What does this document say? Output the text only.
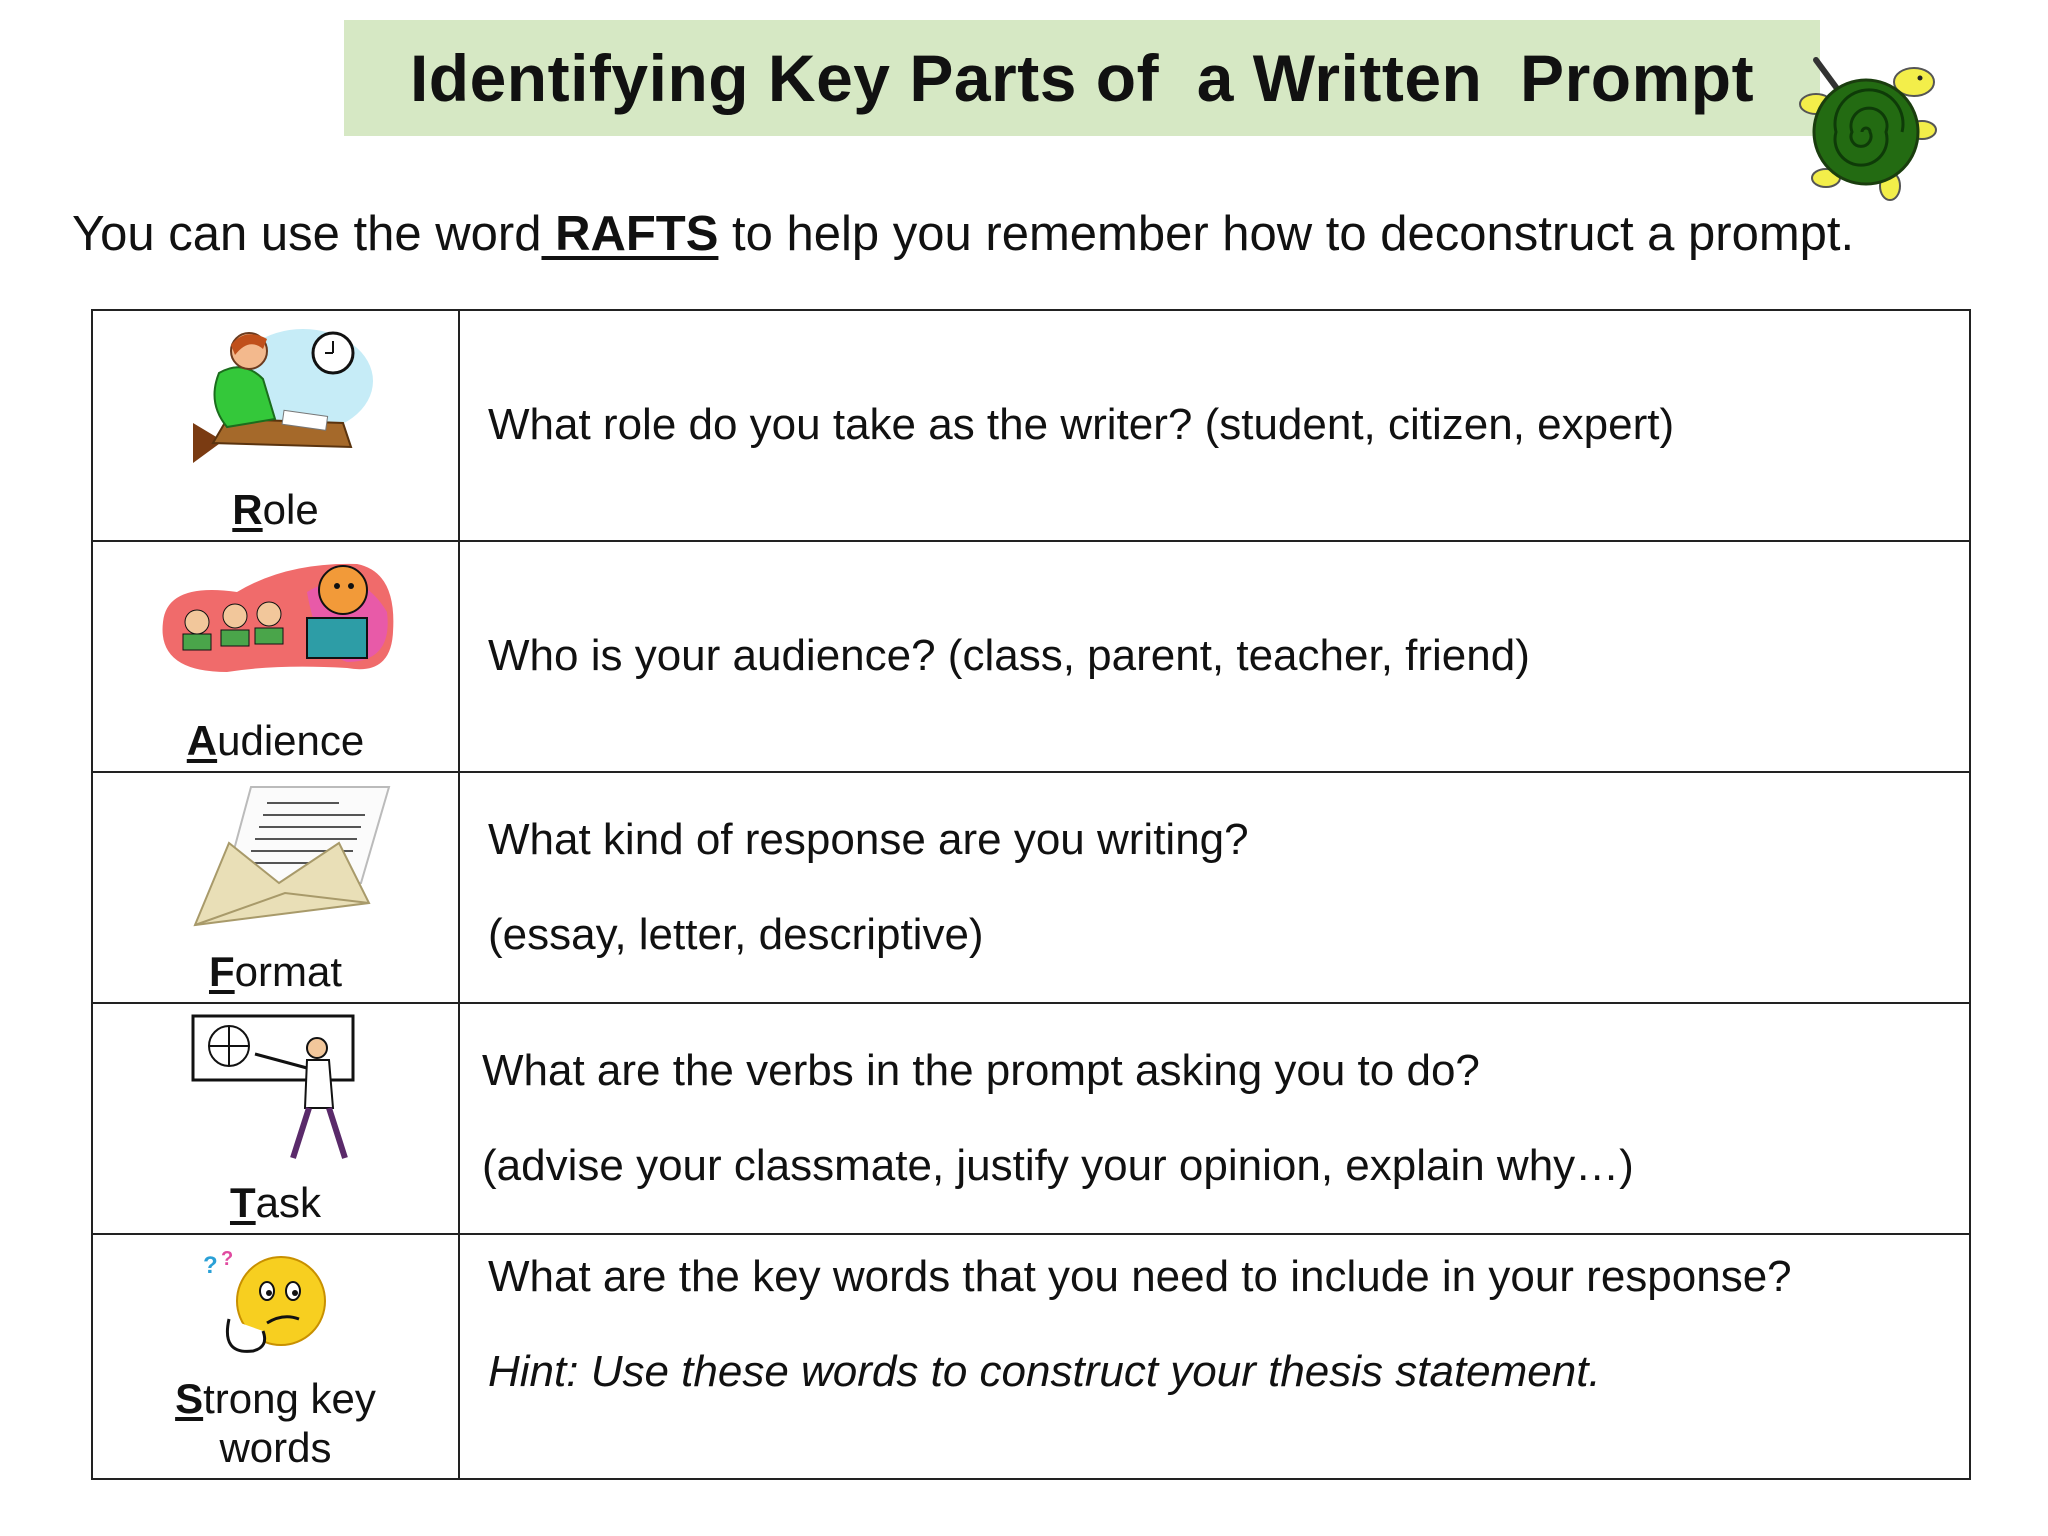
Identifying Key Parts of  a Written  Prompt
You can use the word RAFTS to help you remember how to deconstruct a prompt.
Role

What role do you take as the writer? (student, citizen, expert)

Audience

Who is your audience? (class, parent, teacher, friend)

Format

What kind of response are you writing?

(essay, letter, descriptive)

Task

What are the verbs in the prompt asking you to do?

(advise your classmate, justify your opinion, explain why…)

? ?
Strong key
words

What are the key words that you need to include in your response?

Hint: Use these words to construct your thesis statement.
